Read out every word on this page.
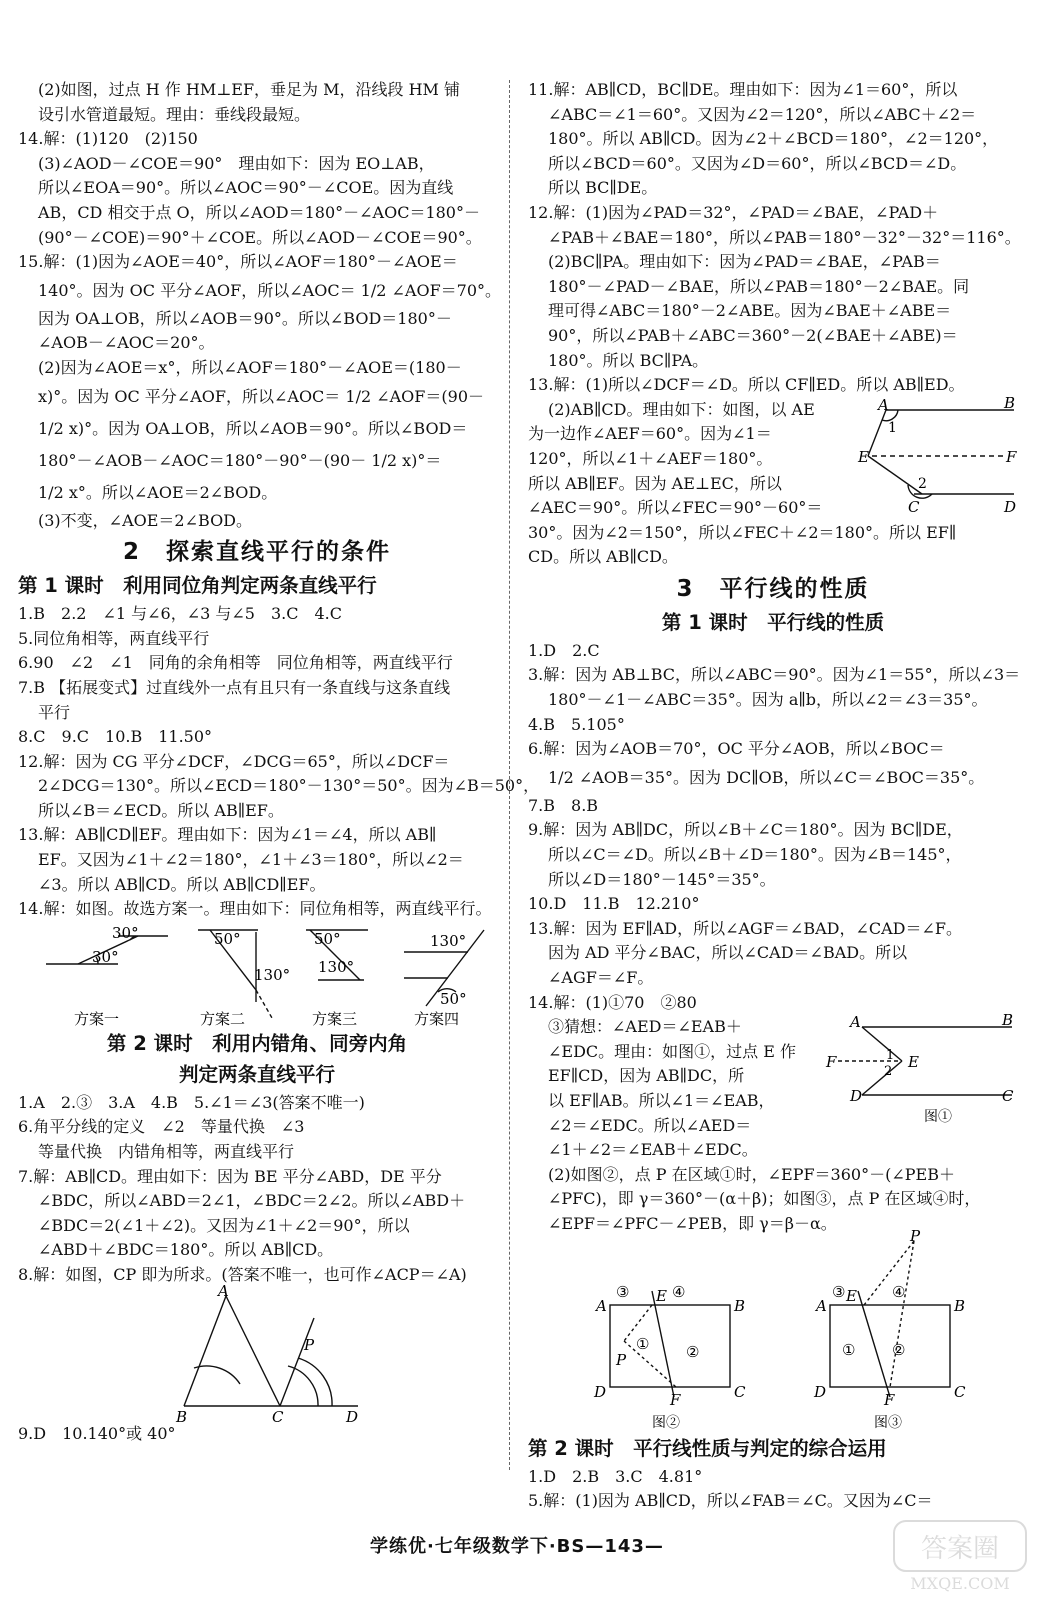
(2)如图，过点 H 作 HM⊥EF，垂足为 M，沿线段 HM 铺
设引水管道最短。理由：垂线段最短。
14.解：(1)120　(2)150
(3)∠AOD－∠COE＝90°　理由如下：因为 EO⊥AB，
所以∠EOA＝90°。所以∠AOC＝90°－∠COE。因为直线
AB，CD 相交于点 O，所以∠AOD＝180°－∠AOC＝180°－
(90°－∠COE)＝90°＋∠COE。所以∠AOD－∠COE＝90°。
15.解：(1)因为∠AOE＝40°，所以∠AOF＝180°－∠AOE＝
140°。因为 OC 平分∠AOF，所以∠AOC＝ 1/2 ∠AOF＝70°。
因为 OA⊥OB，所以∠AOB＝90°。所以∠BOD＝180°－
∠AOB－∠AOC＝20°。
(2)因为∠AOE＝x°，所以∠AOF＝180°－∠AOE＝(180－
x)°。因为 OC 平分∠AOF，所以∠AOC＝ 1/2 ∠AOF＝(90－
1/2 x)°。因为 OA⊥OB，所以∠AOB＝90°。所以∠BOD＝
180°－∠AOB－∠AOC＝180°－90°－(90－ 1/2 x)°＝
1/2 x°。所以∠AOE＝2∠BOD。
(3)不变，∠AOE＝2∠BOD。
2　探索直线平行的条件
第 1 课时　利用同位角判定两条直线平行
1.B　2.2　∠1 与∠6，∠3 与∠5　3.C　4.C
5.同位角相等，两直线平行
6.90　∠2　∠1　同角的余角相等　同位角相等，两直线平行
7.B 【拓展变式】过直线外一点有且只有一条直线与这条直线
平行
8.C　9.C　10.B　11.50°
12.解：因为 CG 平分∠DCF，∠DCG＝65°，所以∠DCF＝
2∠DCG＝130°。所以∠ECD＝180°－130°＝50°。因为∠B＝50°，
所以∠B＝∠ECD。所以 AB∥EF。
13.解：AB∥CD∥EF。理由如下：因为∠1＝∠4，所以 AB∥
EF。又因为∠1＋∠2＝180°，∠1＋∠3＝180°，所以∠2＝
∠3。所以 AB∥CD。所以 AB∥CD∥EF。
14.解：如图。故选方案一。理由如下：同位角相等，两直线平行。
30°
30°
50°
130°
50°
130°
130°
50°
方案一	方案二	方案三	方案四
第 2 课时　利用内错角、同旁内角
判定两条直线平行
1.A　2.③　3.A　4.B　5.∠1＝∠3(答案不唯一)
6.角平分线的定义　∠2　等量代换　∠3
等量代换　内错角相等，两直线平行
7.解：AB∥CD。理由如下：因为 BE 平分∠ABD，DE 平分
∠BDC，所以∠ABD＝2∠1，∠BDC＝2∠2。所以∠ABD＋
∠BDC＝2(∠1＋∠2)。又因为∠1＋∠2＝90°，所以
∠ABD＋∠BDC＝180°。所以 AB∥CD。
8.解：如图，CP 即为所求。(答案不唯一，也可作∠ACP＝∠A)
A
B	C	D
P
9.D　10.140°或 40°
11.解：AB∥CD，BC∥DE。理由如下：因为∠1＝60°，所以
∠ABC＝∠1＝60°。又因为∠2＝120°，所以∠ABC＋∠2＝
180°。所以 AB∥CD。因为∠2＋∠BCD＝180°，∠2＝120°，
所以∠BCD＝60°。又因为∠D＝60°，所以∠BCD＝∠D。
所以 BC∥DE。
12.解：(1)因为∠PAD＝32°，∠PAD＝∠BAE，∠PAD＋
∠PAB＋∠BAE＝180°，所以∠PAB＝180°－32°－32°＝116°。
(2)BC∥PA。理由如下：因为∠PAD＝∠BAE，∠PAB＝
180°－∠PAD－∠BAE，所以∠PAB＝180°－2∠BAE。同
理可得∠ABC＝180°－2∠ABE。因为∠BAE＋∠ABE＝
90°，所以∠PAB＋∠ABC＝360°－2(∠BAE＋∠ABE)＝
180°。所以 BC∥PA。
13.解：(1)所以∠DCF＝∠D。所以 CF∥ED。所以 AB∥ED。
A	B
E	F
C	D
1
2
(2)AB∥CD。理由如下：如图，以 AE
为一边作∠AEF＝60°。因为∠1＝
120°，所以∠1＋∠AEF＝180°。
所以 AB∥EF。因为 AE⊥EC，所以
∠AEC＝90°。所以∠FEC＝90°－60°＝
30°。因为∠2＝150°，所以∠FEC＋∠2＝180°。所以 EF∥
CD。所以 AB∥CD。
3　平行线的性质
第 1 课时　平行线的性质
1.D　2.C
3.解：因为 AB⊥BC，所以∠ABC＝90°。因为∠1＝55°，所以∠3＝
180°－∠1－∠ABC＝35°。因为 a∥b，所以∠2＝∠3＝35°。
4.B　5.105°
6.解：因为∠AOB＝70°，OC 平分∠AOB，所以∠BOC＝
1/2 ∠AOB＝35°。因为 DC∥OB，所以∠C＝∠BOC＝35°。
7.B　8.B
9.解：因为 AB∥DC，所以∠B＋∠C＝180°。因为 BC∥DE，
所以∠C＝∠D。所以∠B＋∠D＝180°。因为∠B＝145°，
所以∠D＝180°－145°＝35°。
10.D　11.B　12.210°
13.解：因为 EF∥AD，所以∠AGF＝∠BAD，∠CAD＝∠F。
因为 AD 平分∠BAC，所以∠CAD＝∠BAD。所以
∠AGF＝∠F。
14.解：(1)①70　②80
A	B
F	E
D	C
1
2
图①
③猜想：∠AED＝∠EAB＋
∠EDC。理由：如图①，过点 E 作
EF∥CD，因为 AB∥DC，所
以 EF∥AB。所以∠1＝∠EAB，
∠2＝∠EDC。所以∠AED＝
∠1＋∠2＝∠EAB＋∠EDC。
(2)如图②，点 P 在区域①时，∠EPF＝360°－(∠PEB＋
∠PFC)，即 γ＝360°－(α＋β)；如图③，点 P 在区域④时，
∠EPF＝∠PFC－∠PEB，即 γ＝β－α。
③ E ④
A	B
① ②
P
D	F	C
图②
③ E ④
P
A	B
① ②
D	F	C
图③
第 2 课时　平行线性质与判定的综合运用
1.D　2.B　3.C　4.81°
5.解：(1)因为 AB∥CD，所以∠FAB＝∠C。又因为∠C＝
学练优·七年级数学下·BS—143—	答案圈
MXQE.COM
